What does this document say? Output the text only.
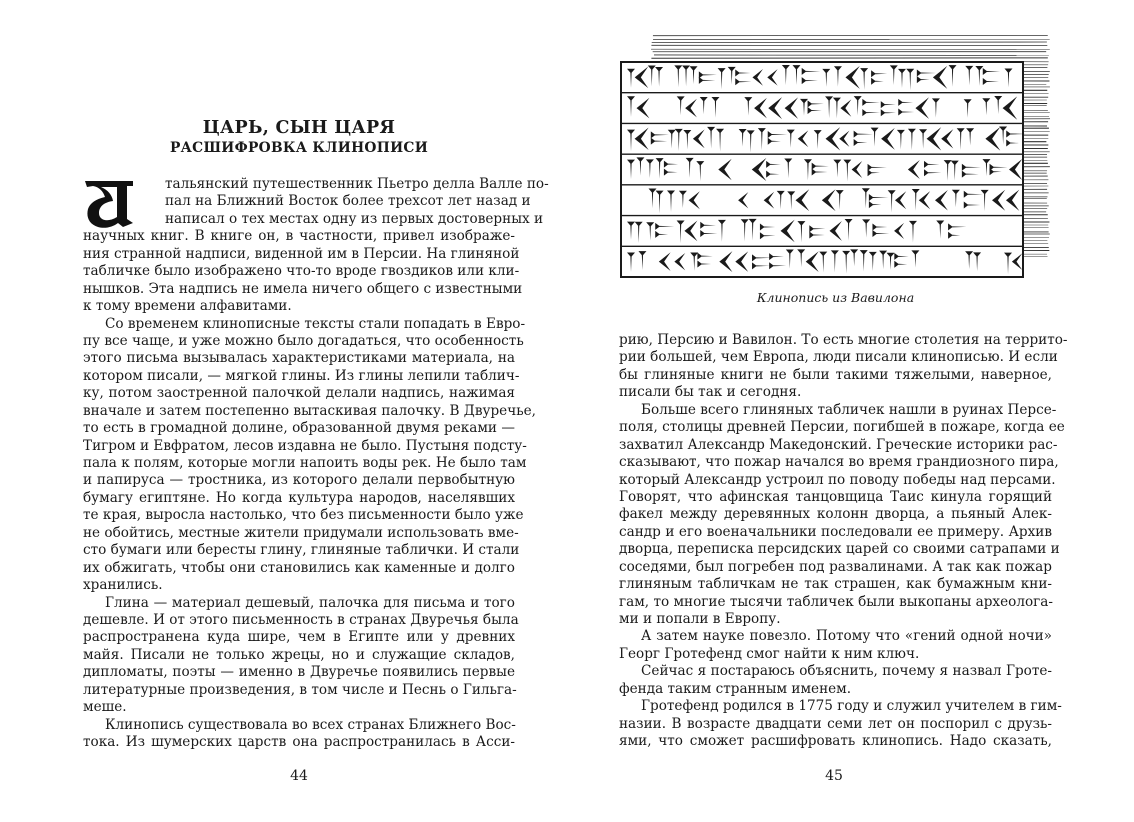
ЦАРЬ, СЫН ЦАРЯ
РАСШИФРОВКА КЛИНОПИСИ
тальянский путешественник Пьетро делла Валле по-
пал на Ближний Восток более трехсот лет назад и
написал о тех местах одну из первых достоверных и
научных книг. В книге он, в частности, привел изображе-
ния странной надписи, виденной им в Персии. На глиняной
табличке было изображено что-то вроде гвоздиков или кли-
нышков. Эта надпись не имела ничего общего с известными
к тому времени алфавитами.
Со временем клинописные тексты стали попадать в Евро-
пу все чаще, и уже можно было догадаться, что особенность
этого письма вызывалась характеристиками материала, на
котором писали, — мягкой глины. Из глины лепили таблич-
ку, потом заостренной палочкой делали надпись, нажимая
вначале и затем постепенно вытаскивая палочку. В Двуречье,
то есть в громадной долине, образованной двумя реками —
Тигром и Евфратом, лесов издавна не было. Пустыня подсту-
пала к полям, которые могли напоить воды рек. Не было там
и папируса — тростника, из которого делали первобытную
бумагу египтяне. Но когда культура народов, населявших
те края, выросла настолько, что без письменности было уже
не обойтись, местные жители придумали использовать вме-
сто бумаги или бересты глину, глиняные таблички. И стали
их обжигать, чтобы они становились как каменные и долго
хранились.
Глина — материал дешевый, палочка для письма и того
дешевле. И от этого письменность в странах Двуречья была
распространена куда шире, чем в Египте или у древних
майя. Писали не только жрецы, но и служащие складов,
дипломаты, поэты — именно в Двуречье появились первые
литературные произведения, в том числе и Песнь о Гильга-
меше.
Клинопись существовала во всех странах Ближнего Вос-
тока. Из шумерских царств она распространилась в Асси-
44
Клинопись из Вавилона
рию, Персию и Вавилон. То есть многие столетия на террито-
рии большей, чем Европа, люди писали клинописью. И если
бы глиняные книги не были такими тяжелыми, наверное,
писали бы так и сегодня.
Больше всего глиняных табличек нашли в руинах Персе-
поля, столицы древней Персии, погибшей в пожаре, когда ее
захватил Александр Македонский. Греческие историки рас-
сказывают, что пожар начался во время грандиозного пира,
который Александр устроил по поводу победы над персами.
Говорят, что афинская танцовщица Таис кинула горящий
факел между деревянных колонн дворца, а пьяный Алек-
сандр и его военачальники последовали ее примеру. Архив
дворца, переписка персидских царей со своими сатрапами и
соседями, был погребен под развалинами. А так как пожар
глиняным табличкам не так страшен, как бумажным кни-
гам, то многие тысячи табличек были выкопаны археолога-
ми и попали в Европу.
А затем науке повезло. Потому что «гений одной ночи»
Георг Гротефенд смог найти к ним ключ.
Сейчас я постараюсь объяснить, почему я назвал Гроте-
фенда таким странным именем.
Гротефенд родился в 1775 году и служил учителем в гим-
назии. В возрасте двадцати семи лет он поспорил с друзь-
ями, что сможет расшифровать клинопись. Надо сказать,
45
